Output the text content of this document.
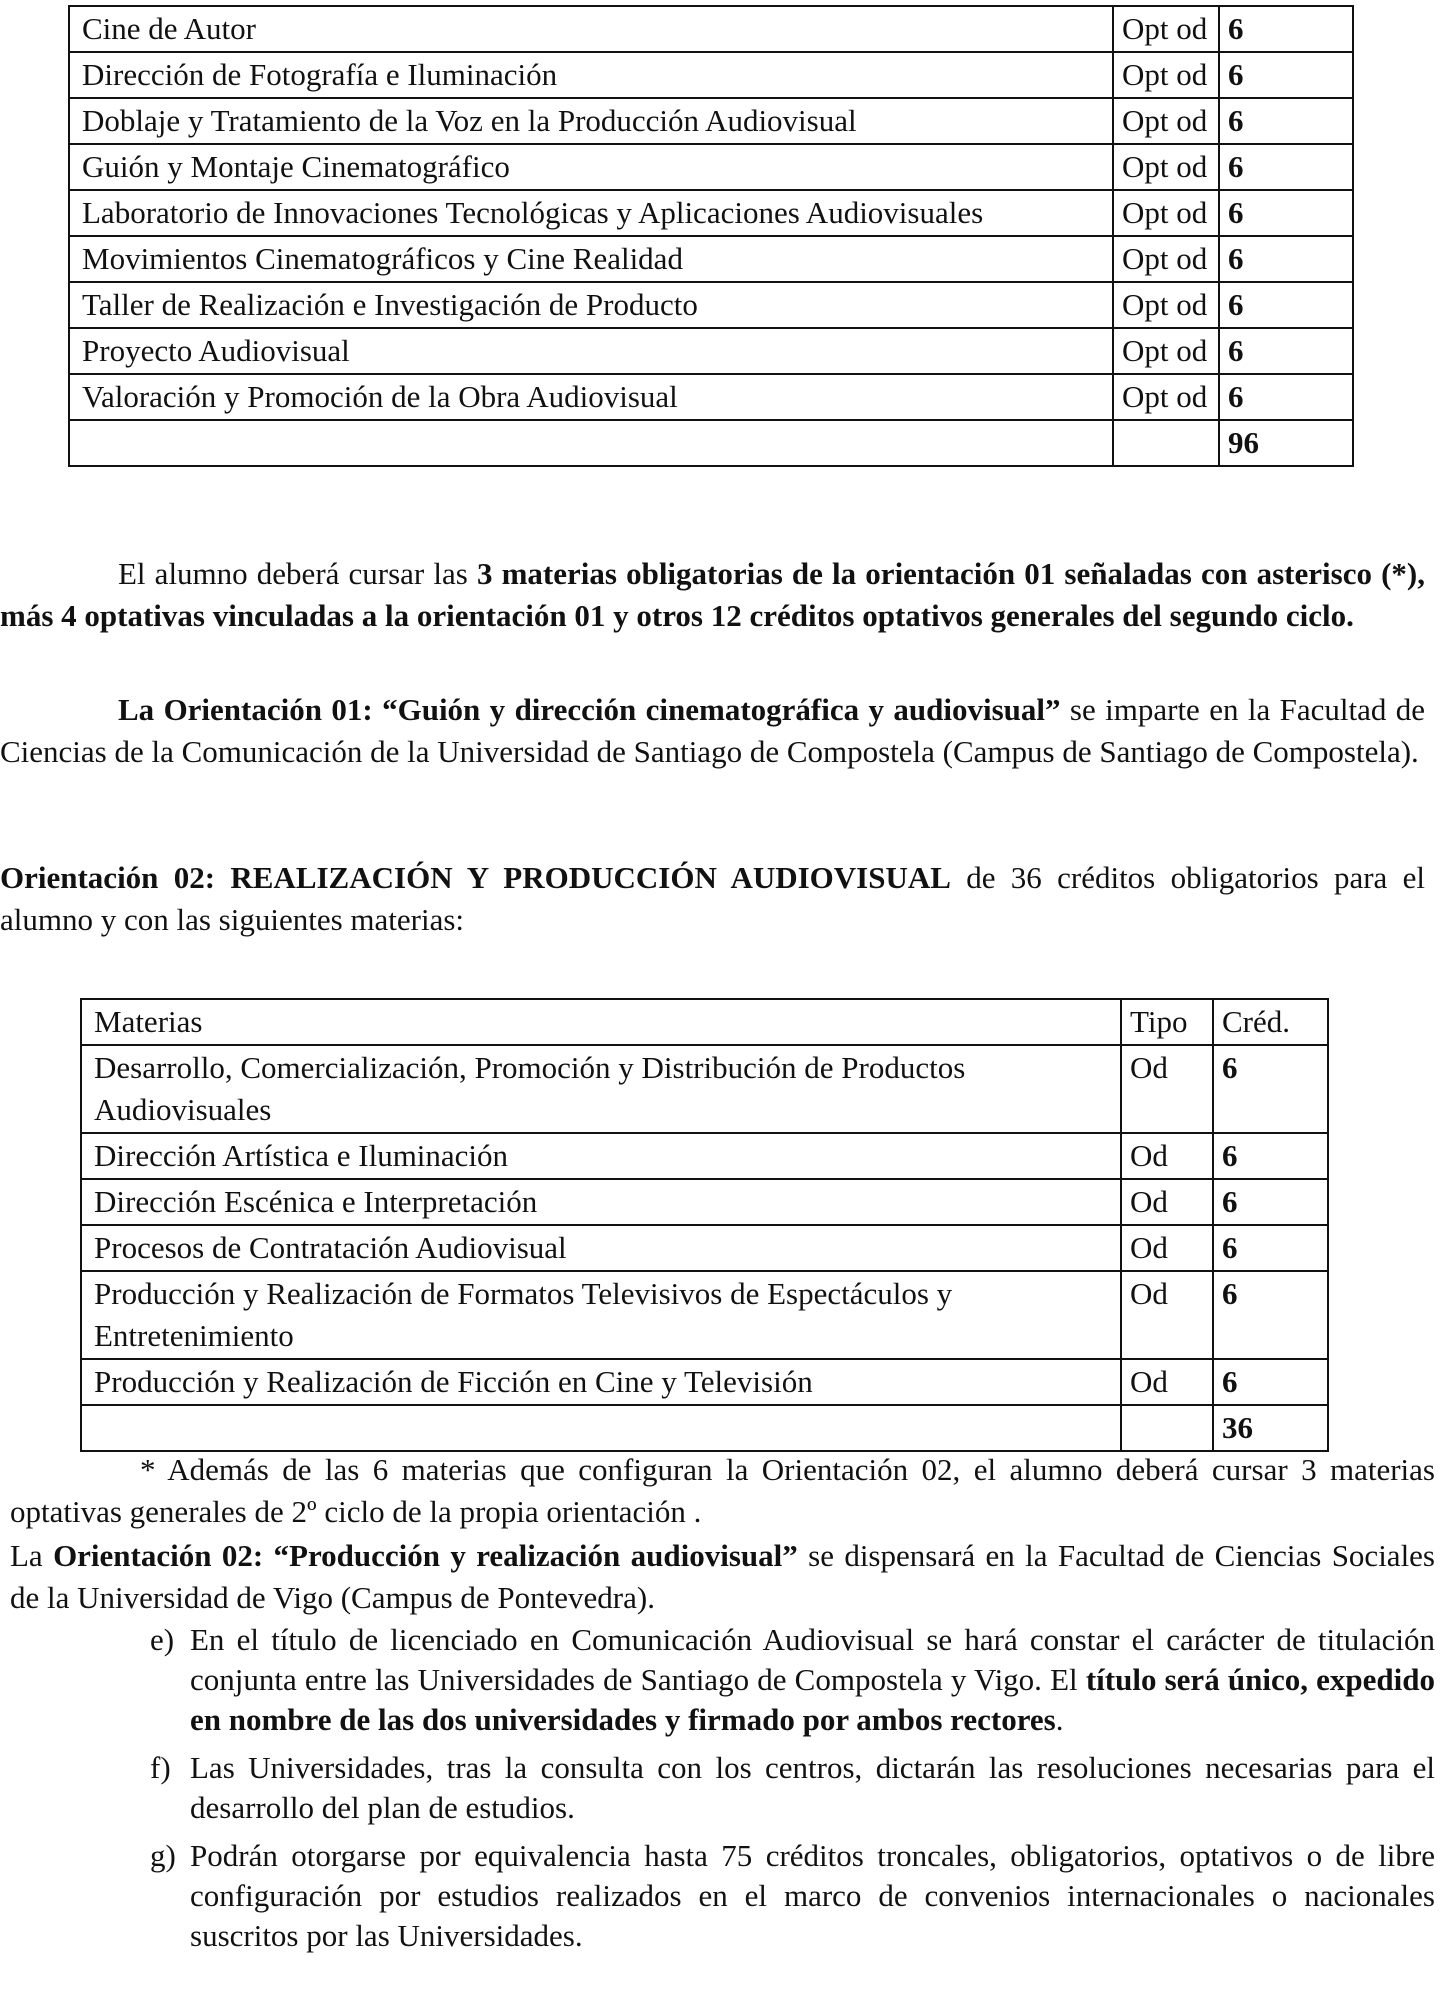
Cine de Autor	Opt od	6
Dirección de Fotografía e Iluminación	Opt od	6
Doblaje y Tratamiento de la Voz en la Producción Audiovisual	Opt od	6
Guión y Montaje Cinematográfico	Opt od	6
Laboratorio de Innovaciones Tecnológicas y Aplicaciones Audiovisuales	Opt od	6
Movimientos Cinematográficos y Cine Realidad	Opt od	6
Taller de Realización e Investigación de Producto	Opt od	6
Proyecto Audiovisual	Opt od	6
Valoración y Promoción de la Obra Audiovisual	Opt od	6
		96

El alumno deberá cursar las 3 materias obligatorias de la orientación 01 señaladas con asterisco (*), más 4 optativas vinculadas a la orientación 01 y otros 12 créditos optativos generales del segundo ciclo.

La Orientación 01: “Guión y dirección cinematográfica y audiovisual” se imparte en la Facultad de Ciencias de la Comunicación de la Universidad de Santiago de Compostela (Campus de Santiago de Compostela).

Orientación 02: REALIZACIÓN Y PRODUCCIÓN AUDIOVISUAL de 36 créditos obligatorios para el alumno y con las siguientes materias:

Materias	Tipo	Créd.
Desarrollo, Comercialización, Promoción y Distribución de Productos Audiovisuales	Od	6
Dirección Artística e Iluminación	Od	6
Dirección Escénica e Interpretación	Od	6
Procesos de Contratación Audiovisual	Od	6
Producción y Realización de Formatos Televisivos de Espectáculos y Entretenimiento	Od	6
Producción y Realización de Ficción en Cine y Televisión	Od	6
		36

* Además de las 6 materias que configuran la Orientación 02, el alumno deberá cursar 3 materias optativas generales de 2º ciclo de la propia orientación .

La Orientación 02: “Producción y realización audiovisual” se dispensará en la Facultad de Ciencias Sociales de la Universidad de Vigo (Campus de Pontevedra).

e) En el título de licenciado en Comunicación Audiovisual se hará constar el carácter de titulación conjunta entre las Universidades de Santiago de Compostela y Vigo. El título será único, expedido en nombre de las dos universidades y firmado por ambos rectores.
f) Las Universidades, tras la consulta con los centros, dictarán las resoluciones necesarias para el desarrollo del plan de estudios.
g) Podrán otorgarse por equivalencia hasta 75 créditos troncales, obligatorios, optativos o de libre configuración por estudios realizados en el marco de convenios internacionales o nacionales suscritos por las Universidades.
